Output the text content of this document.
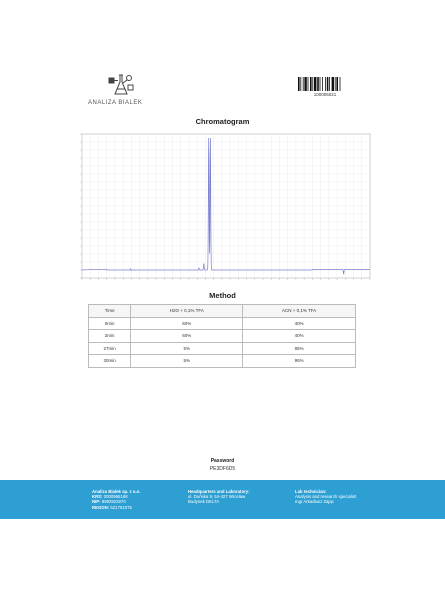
ANALIZA BIALEK
100005021
Chromatogram
Method
Time	H2O + 0,1% TFA	ACN + 0,1% TFA
0min	60%	40%
2min	60%	40%
27min	5%	95%
30min	5%	95%
Password
PE3DF6D5
Analiza Bialek sp. z o.o.
KRS: 0000966168
NIP: 8982922970
REGON: 521751075
Headquarters and Laboratory:
ul. Duńska 9, 54-427 Wrocław
Budynek DELTA
Lab technician:
Analysis and research specialist
mgr Arkadiusz Zając
